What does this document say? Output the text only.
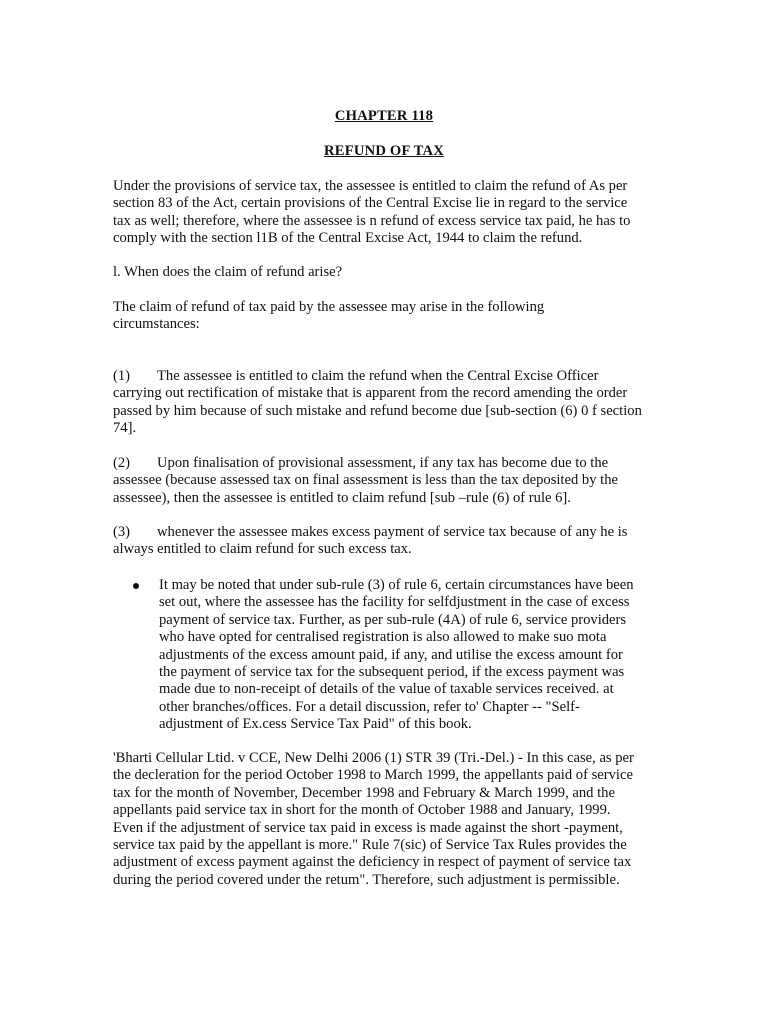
CHAPTER 118
REFUND OF TAX

Under the provisions of service tax, the assessee is entitled to claim the refund of As per section 83 of the Act, certain provisions of the Central Excise lie in regard to the service tax as well; therefore, where the assessee is n refund of excess service tax paid, he has to comply with the section l1B of the Central Excise Act, 1944 to claim the refund.

l. When does the claim of refund arise?

The claim of refund of tax paid by the assessee may arise in the following circumstances:

(1) The assessee is entitled to claim the refund when the Central Excise Officer carrying out rectification of mistake that is apparent from the record amending the order passed by him because of such mistake and refund become due [sub-section (6) 0 f section 74].
(2) Upon finalisation of provisional assessment, if any tax has become due to the assessee (because assessed tax on final assessment is less than the tax deposited by the assessee), then the assessee is entitled to claim refund [sub –rule (6) of rule 6].
(3) whenever the assessee makes excess payment of service tax because of any he is always entitled to claim refund for such excess tax.

It may be noted that under sub-rule (3) of rule 6, certain circumstances have been set out, where the assessee has the facility for selfdjustment in the case of excess payment of service tax. Further, as per sub-rule (4A) of rule 6, service providers who have opted for centralised registration is also allowed to make suo mota adjustments of the excess amount paid, if any, and utilise the excess amount for the payment of service tax for the subsequent period, if the excess payment was made due to non-receipt of details of the value of taxable services received. at other branches/offices. For a detail discussion, refer to' Chapter -- "Self-adjustment of Ex.cess Service Tax Paid" of this book.

'Bharti Cellular Ltid. v CCE, New Delhi 2006 (1) STR 39 (Tri.-Del.) - In this case, as per the decleration for the period October 1998 to March 1999, the appellants paid of service tax for the month of November, December 1998 and February & March 1999, and the appellants paid service tax in short for the month of October 1988 and January, 1999. Even if the adjustment of service tax paid in excess is made against the short -payment, service tax paid by the appellant is more." Rule 7(sic) of Service Tax Rules provides the adjustment of excess payment against the deficiency in respect of payment of service tax during the period covered under the retum". Therefore, such adjustment is permissible.
